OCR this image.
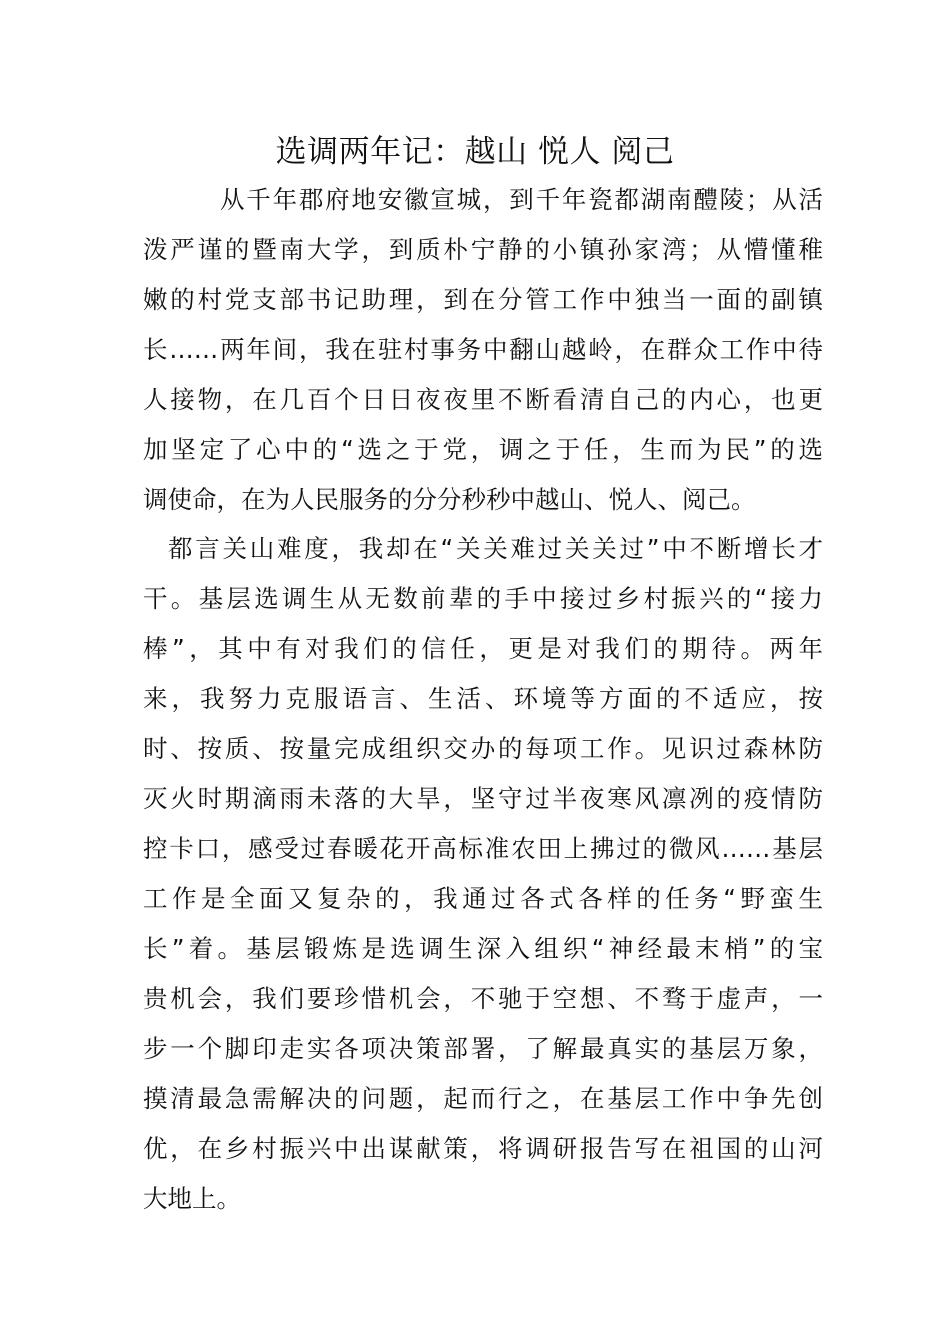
选调两年记：越山 悦人 阅己
从千年郡府地安徽宣城，到千年瓷都湖南醴陵；从活
泼严谨的暨南大学，到质朴宁静的小镇孙家湾；从懵懂稚
嫩的村党支部书记助理，到在分管工作中独当一面的副镇
长……两年间，我在驻村事务中翻山越岭，在群众工作中待
人接物，在几百个日日夜夜里不断看清自己的内心，也更
加坚定了心中的“选之于党，调之于任，生而为民”的选
调使命，在为人民服务的分分秒秒中越山、悦人、阅己。
都言关山难度，我却在“关关难过关关过”中不断增长才
干。基层选调生从无数前辈的手中接过乡村振兴的“接力
棒”，其中有对我们的信任，更是对我们的期待。两年
来，我努力克服语言、生活、环境等方面的不适应，按
时、按质、按量完成组织交办的每项工作。见识过森林防
灭火时期滴雨未落的大旱，坚守过半夜寒风凛冽的疫情防
控卡口，感受过春暖花开高标准农田上拂过的微风……基层
工作是全面又复杂的，我通过各式各样的任务“野蛮生
长”着。基层锻炼是选调生深入组织“神经最末梢”的宝
贵机会，我们要珍惜机会，不驰于空想、不骛于虚声，一
步一个脚印走实各项决策部署，了解最真实的基层万象，
摸清最急需解决的问题，起而行之，在基层工作中争先创
优，在乡村振兴中出谋献策，将调研报告写在祖国的山河
大地上。
